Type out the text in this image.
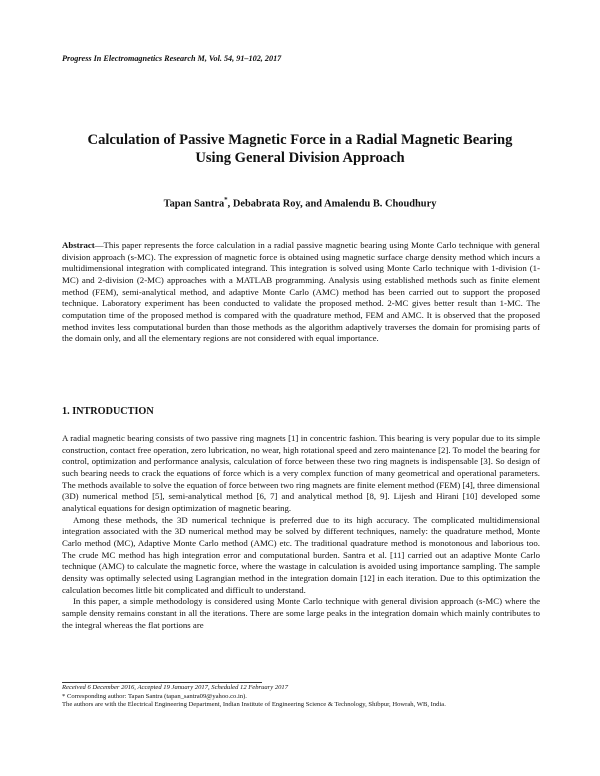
Progress In Electromagnetics Research M, Vol. 54, 91–102, 2017
Calculation of Passive Magnetic Force in a Radial Magnetic Bearing
Using General Division Approach
Tapan Santra*, Debabrata Roy, and Amalendu B. Choudhury
Abstract—This paper represents the force calculation in a radial passive magnetic bearing using Monte Carlo technique with general division approach (s-MC). The expression of magnetic force is obtained using magnetic surface charge density method which incurs a multidimensional integration with complicated integrand. This integration is solved using Monte Carlo technique with 1-division (1-MC) and 2-division (2-MC) approaches with a MATLAB programming. Analysis using established methods such as finite element method (FEM), semi-analytical method, and adaptive Monte Carlo (AMC) method has been carried out to support the proposed technique. Laboratory experiment has been conducted to validate the proposed method. 2-MC gives better result than 1-MC. The computation time of the proposed method is compared with the quadrature method, FEM and AMC. It is observed that the proposed method invites less computational burden than those methods as the algorithm adaptively traverses the domain for promising parts of the domain only, and all the elementary regions are not considered with equal importance.
1. INTRODUCTION

A radial magnetic bearing consists of two passive ring magnets [1] in concentric fashion. This bearing is very popular due to its simple construction, contact free operation, zero lubrication, no wear, high rotational speed and zero maintenance [2]. To model the bearing for control, optimization and performance analysis, calculation of force between these two ring magnets is indispensable [3]. So design of such bearing needs to crack the equations of force which is a very complex function of many geometrical and operational parameters. The methods available to solve the equation of force between two ring magnets are finite element method (FEM) [4], three dimensional (3D) numerical method [5], semi-analytical method [6, 7] and analytical method [8, 9]. Lijesh and Hirani [10] developed some analytical equations for design optimization of magnetic bearing.

Among these methods, the 3D numerical technique is preferred due to its high accuracy. The complicated multidimensional integration associated with the 3D numerical method may be solved by different techniques, namely: the quadrature method, Monte Carlo method (MC), Adaptive Monte Carlo method (AMC) etc. The traditional quadrature method is monotonous and laborious too. The crude MC method has high integration error and computational burden. Santra et al. [11] carried out an adaptive Monte Carlo technique (AMC) to calculate the magnetic force, where the wastage in calculation is avoided using importance sampling. The sample density was optimally selected using Lagrangian method in the integration domain [12] in each iteration. Due to this optimization the calculation becomes little bit complicated and difficult to understand.

In this paper, a simple methodology is considered using Monte Carlo technique with general division approach (s-MC) where the sample density remains constant in all the iterations. There are some large peaks in the integration domain which mainly contributes to the integral whereas the flat portions are

Received 6 December 2016, Accepted 19 January 2017, Scheduled 12 February 2017
* Corresponding author: Tapan Santra (tapan_santra09@yahoo.co.in).
The authors are with the Electrical Engineering Department, Indian Institute of Engineering Science & Technology, Shibpur, Howrah, WB, India.
